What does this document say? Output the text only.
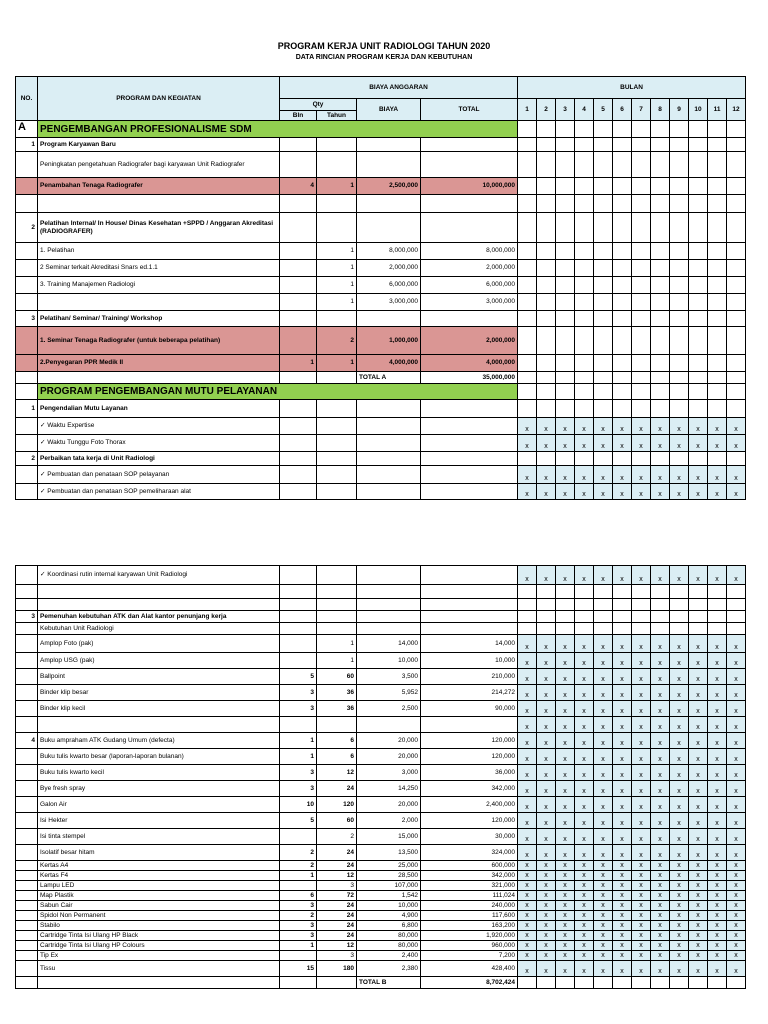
PROGRAM KERJA UNIT RADIOLOGI TAHUN 2020
DATA RINCIAN PROGRAM KERJA DAN KEBUTUHAN
NO.	PROGRAM DAN KEGIATAN	BIAYA ANGGARAN				BULAN											
		Qty		BIAYA	TOTAL	1	2	3	4	5	6	7	8	9	10	11	12
		Bln	Tahun														
A	PENGEMBANGAN PROFESIONALISME SDM																
1	Program Karyawan Baru																
	Peningkatan pengetahuan Radiografer bagi karyawan Unit Radiografer																
	Penambahan Tenaga Radiografer	4	1	2,500,000	10,000,000												

2	Pelatihan Internal/ In House/ Dinas Kesehatan +SPPD / Anggaran Akreditasi (RADIOGRAFER)																
	1. Pelatihan		1	8,000,000	8,000,000												
	2 Seminar terkait Akreditasi Snars ed.1.1		1	2,000,000	2,000,000												
	3. Training Manajemen Radiologi		1	6,000,000	6,000,000												
			1	3,000,000	3,000,000												
3	Pelatihan/ Seminar/ Training/ Workshop																
	1. Seminar Tenaga Radiografer (untuk beberapa pelatihan)		2	1,000,000	2,000,000												
	2.Penyegaran PPR Medik II	1	1	4,000,000	4,000,000												
				TOTAL A	35,000,000												
	PROGRAM PENGEMBANGAN MUTU PELAYANAN																
1	Pengendalian Mutu Layanan																
	✓ Waktu Expertise					x	x	x	x	x	x	x	x	x	x	x	x
	✓ Waktu Tunggu Foto Thorax					x	x	x	x	x	x	x	x	x	x	x	x
2	Perbaikan tata kerja di Unit Radiologi																
	✓ Pembuatan dan penataan SOP pelayanan					x	x	x	x	x	x	x	x	x	x	x	x
	✓ Pembuatan dan penataan SOP pemeliharaan alat					x	x	x	x	x	x	x	x	x	x	x	x
	✓ Koordinasi rutin internal karyawan Unit Radiologi					x	x	x	x	x	x	x	x	x	x	x	x

3	Pemenuhan kebutuhan ATK dan Alat kantor penunjang kerja																
	Kebutuhan Unit Radiologi																
	Amplop Foto (pak)		1	14,000	14,000	x	x	x	x	x	x	x	x	x	x	x	x
	Amplop USG (pak)		1	10,000	10,000	x	x	x	x	x	x	x	x	x	x	x	x
	Ballpoint	5	60	3,500	210,000	x	x	x	x	x	x	x	x	x	x	x	x
	Binder klip besar	3	36	5,952	214,272	x	x	x	x	x	x	x	x	x	x	x	x
	Binder klip kecil	3	36	2,500	90,000	x	x	x	x	x	x	x	x	x	x	x	x
						x	x	x	x	x	x	x	x	x	x	x	x
4	Buku ampraham ATK Gudang Umum (defecta)	1	6	20,000	120,000	x	x	x	x	x	x	x	x	x	x	x	x
	Buku tulis kwarto besar (laporan-laporan bulanan)	1	6	20,000	120,000	x	x	x	x	x	x	x	x	x	x	x	x
	Buku tulis kwarto kecil	3	12	3,000	36,000	x	x	x	x	x	x	x	x	x	x	x	x
	Bye fresh spray	3	24	14,250	342,000	x	x	x	x	x	x	x	x	x	x	x	x
	Galon Air	10	120	20,000	2,400,000	x	x	x	x	x	x	x	x	x	x	x	x
	Isi Hekter	5	60	2,000	120,000	x	x	x	x	x	x	x	x	x	x	x	x
	Isi tinta stempel		2	15,000	30,000	x	x	x	x	x	x	x	x	x	x	x	x
	Isolatif besar hitam	2	24	13,500	324,000	x	x	x	x	x	x	x	x	x	x	x	x
	Kertas A4	2	24	25,000	600,000	x	x	x	x	x	x	x	x	x	x	x	x
	Kertas F4	1	12	28,500	342,000	x	x	x	x	x	x	x	x	x	x	x	x
	Lampu LED		3	107,000	321,000	x	x	x	x	x	x	x	x	x	x	x	x
	Map Plastik	6	72	1,542	111,024	x	x	x	x	x	x	x	x	x	x	x	x
	Sabun Cair	3	24	10,000	240,000	x	x	x	x	x	x	x	x	x	x	x	x
	Spidol Non Permanent	2	24	4,900	117,600	x	x	x	x	x	x	x	x	x	x	x	x
	Stabilo	3	24	6,800	163,200	x	x	x	x	x	x	x	x	x	x	x	x
	Cartridge Tinta Isi Ulang HP Black	3	24	80,000	1,920,000	x	x	x	x	x	x	x	x	x	x	x	x
	Cartridge Tinta Isi Ulang HP Colours	1	12	80,000	960,000	x	x	x	x	x	x	x	x	x	x	x	x
	Tip Ex		3	2,400	7,200	x	x	x	x	x	x	x	x	x	x	x	x
	Tissu	15	180	2,380	428,400	x	x	x	x	x	x	x	x	x	x	x	x
				TOTAL B	8,702,424												
